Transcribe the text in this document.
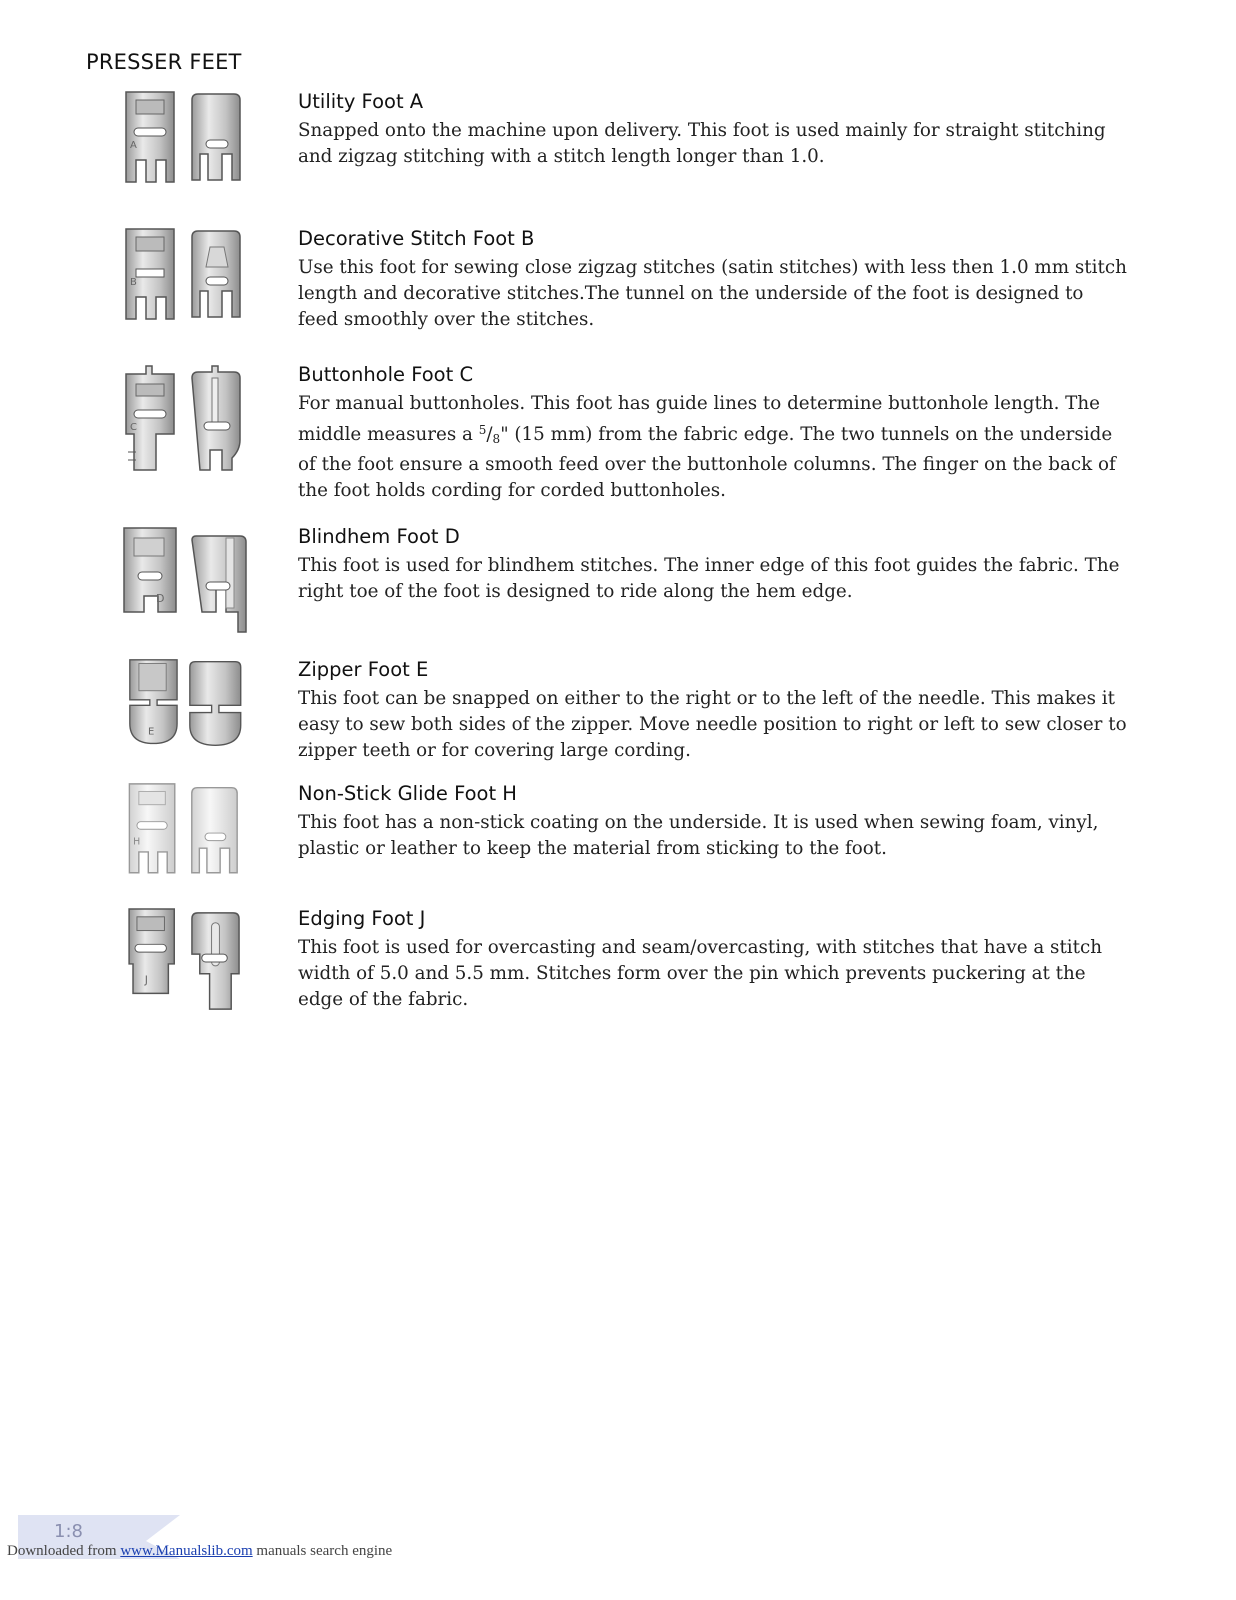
PRESSER FEET
A
Utility Foot A
Snapped onto the machine upon delivery. This foot is used mainly for straight stitching and zigzag stitching with a stitch length longer than 1.0.
B
Decorative Stitch Foot B
Use this foot for sewing close zigzag stitches (satin stitches) with less then 1.0 mm stitch length and decorative stitches.The tunnel on the underside of the foot is designed to feed smoothly over the stitches.
C
Buttonhole Foot C
For manual buttonholes. This foot has guide lines to determine buttonhole length. The middle measures a $^5$/8" (15 mm) from the fabric edge. The two tunnels on the underside of the foot ensure a smooth feed over the buttonhole columns. The finger on the back of the foot holds cording for corded buttonholes.
D
Blindhem Foot D
This foot is used for blindhem stitches. The inner edge of this foot guides the fabric. The right toe of the foot is designed to ride along the hem edge.
E
Zipper Foot E
This foot can be snapped on either to the right or to the left of the needle. This makes it easy to sew both sides of the zipper. Move needle position to right or left to sew closer to zipper teeth or for covering large cording.
H
Non-Stick Glide Foot H
This foot has a non-stick coating on the underside. It is used when sewing foam, vinyl, plastic or leather to keep the material from sticking to the foot.
J
Edging Foot J
This foot is used for overcasting and seam/overcasting, with stitches that have a stitch width of 5.0 and 5.5 mm. Stitches form over the pin which prevents puckering at the edge of the fabric.
1:8
Downloaded from www.Manualslib.com manuals search engine
